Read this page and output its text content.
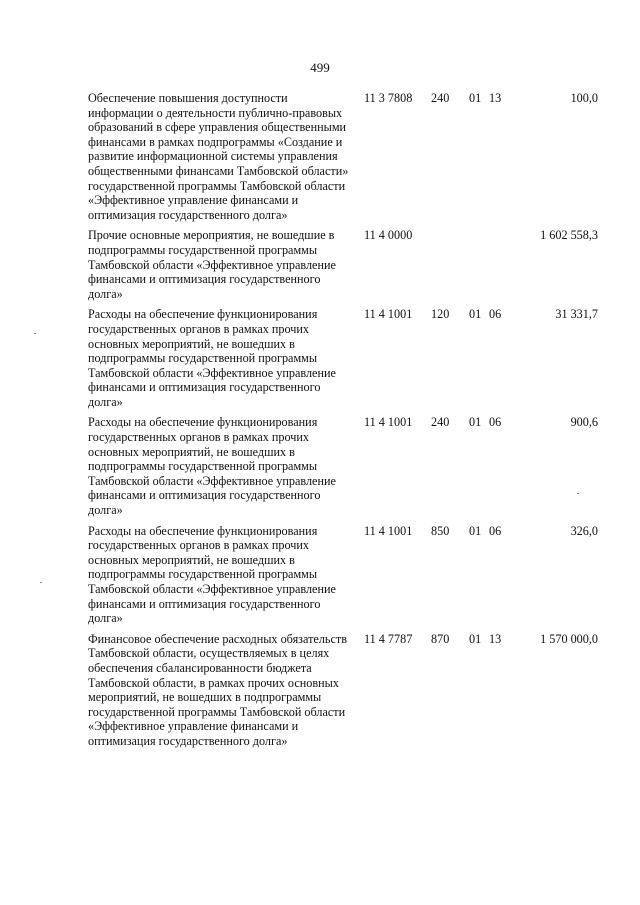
499
Обеспечение повышения доступности информации о деятельности публично-правовых образований в сфере управления общественными финансами в рамках подпрограммы «Создание и развитие информационной системы управления общественными финансами Тамбовской области» государственной программы Тамбовской области «Эффективное управление финансами и оптимизация государственного долга»
11 3 7808 240 01 13	100,0
Прочие основные мероприятия, не вошедшие в подпрограммы государственной программы Тамбовской области «Эффективное управление финансами и оптимизация государственного долга»
11 4 0000	1 602 558,3
Расходы на обеспечение функционирования государственных органов в рамках прочих основных мероприятий, не вошедших в подпрограммы государственной программы Тамбовской области «Эффективное управление финансами и оптимизация государственного долга»
11 4 1001 120 01 06	31 331,7
Расходы на обеспечение функционирования государственных органов в рамках прочих основных мероприятий, не вошедших в подпрограммы государственной программы Тамбовской области «Эффективное управление финансами и оптимизация государственного долга»
11 4 1001 240 01 06	900,6
Расходы на обеспечение функционирования государственных органов в рамках прочих основных мероприятий, не вошедших в подпрограммы государственной программы Тамбовской области «Эффективное управление финансами и оптимизация государственного долга»
11 4 1001 850 01 06	326,0
Финансовое обеспечение расходных обязательств Тамбовской области, осуществляемых в целях обеспечения сбалансированности бюджета Тамбовской области, в рамках прочих основных мероприятий, не вошедших в подпрограммы государственной программы Тамбовской области «Эффективное управление финансами и оптимизация государственного долга»
11 4 7787 870 01 13	1 570 000,0
